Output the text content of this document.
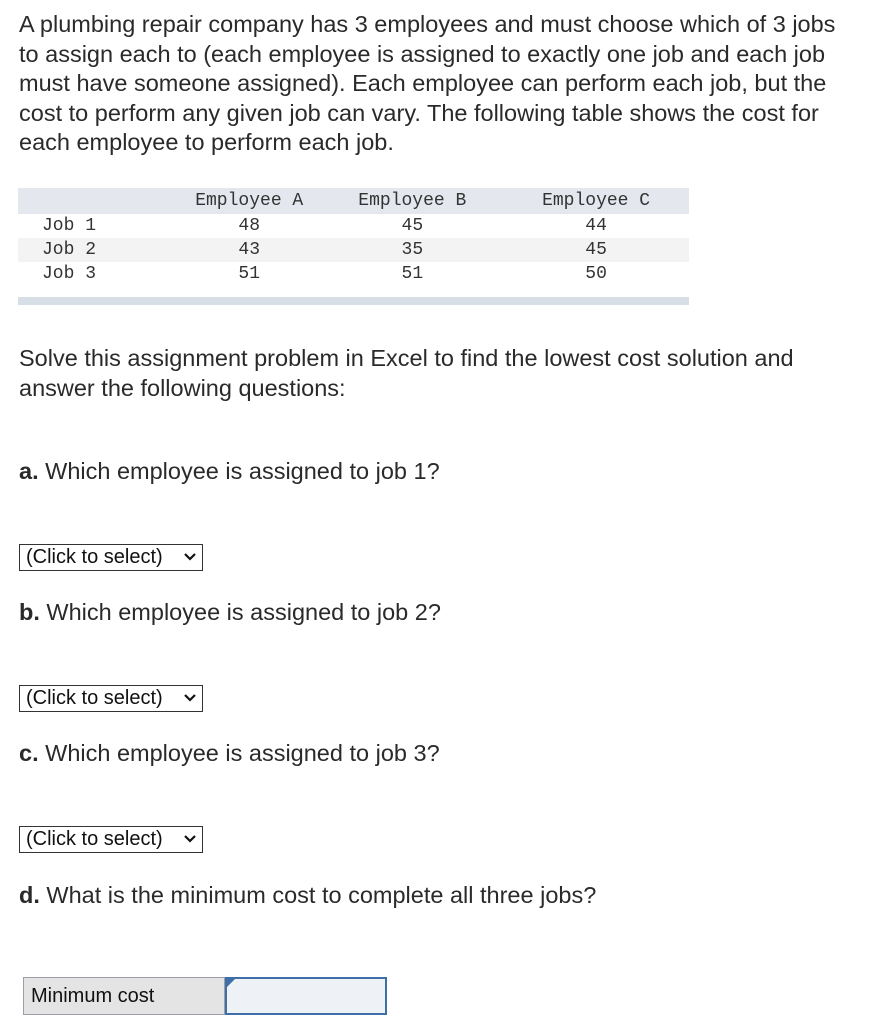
A plumbing repair company has 3 employees and must choose which of 3 jobs to assign each to (each employee is assigned to exactly one job and each job must have someone assigned). Each employee can perform each job, but the cost to perform any given job can vary. The following table shows the cost for each employee to perform each job.

	Employee A	Employee B	Employee C
Job 1	48	45	44
Job 2	43	35	45
Job 3	51	51	50

Solve this assignment problem in Excel to find the lowest cost solution and answer the following questions:

a. Which employee is assigned to job 1?

(Click to select)

b. Which employee is assigned to job 2?

(Click to select)

c. Which employee is assigned to job 3?

(Click to select)

d. What is the minimum cost to complete all three jobs?

Minimum cost
